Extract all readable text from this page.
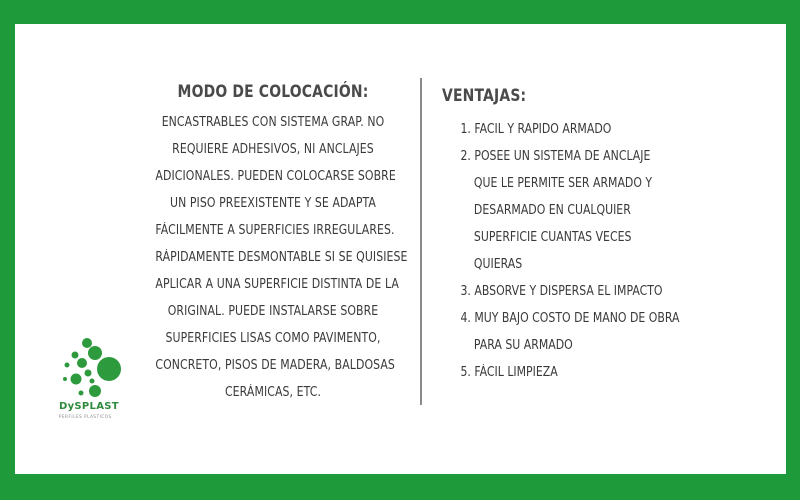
MODO DE COLOCACIÓN:
ENCASTRABLES CON SISTEMA GRAP. NO
REQUIERE ADHESIVOS, NI ANCLAJES
ADICIONALES. PUEDEN COLOCARSE SOBRE
UN PISO PREEXISTENTE Y SE ADAPTA
FÁCILMENTE A SUPERFICIES IRREGULARES.
RÁPIDAMENTE DESMONTABLE SI SE QUISIESE
APLICAR A UNA SUPERFICIE DISTINTA DE LA
ORIGINAL. PUEDE INSTALARSE SOBRE
SUPERFICIES LISAS COMO PAVIMENTO,
CONCRETO, PISOS DE MADERA, BALDOSAS
CERÁMICAS, ETC.
VENTAJAS:
1. FACIL Y RAPIDO ARMADO
2. POSEE UN SISTEMA DE ANCLAJE
QUE LE PERMITE SER ARMADO Y
DESARMADO EN CUALQUIER
SUPERFICIE CUANTAS VECES
QUIERAS
3. ABSORVE Y DISPERSA EL IMPACTO
4. MUY BAJO COSTO DE MANO DE OBRA
PARA SU ARMADO
5. FÁCIL LIMPIEZA
DySPLAST
PERFILES PLASTICOS
